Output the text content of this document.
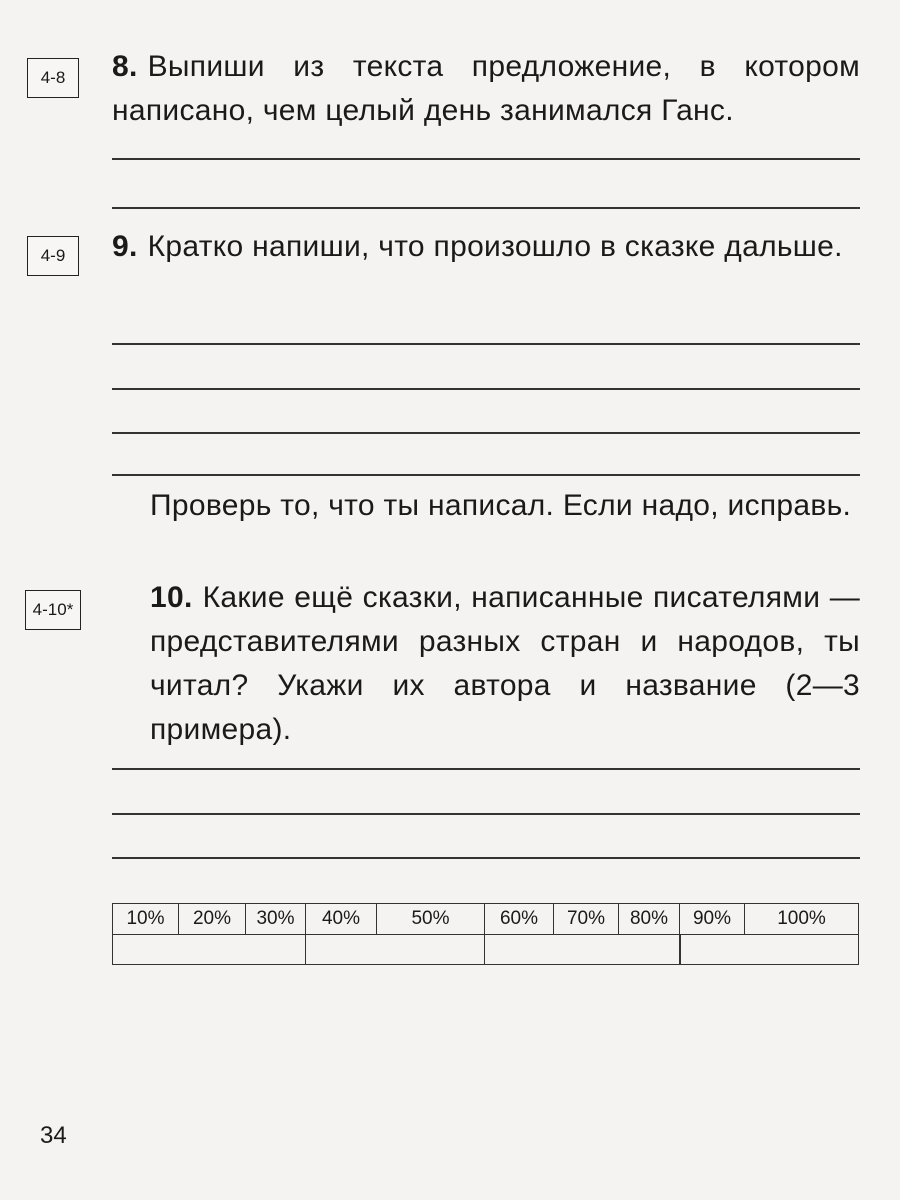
4-8	8. Выпиши из текста предложение, в котором написано, чем целый день занимался Ганс.
4-9	9. Кратко напиши, что произошло в сказке дальше.
Проверь то, что ты написал. Если надо, исправь.
4-10*	10. Какие ещё сказки, написанные писателями — представителями разных стран и народов, ты читал? Укажи их автора и название (2—3 примера).
10%	20%	30%	40%	50%	60%	70%	80%	90%	100%
34
